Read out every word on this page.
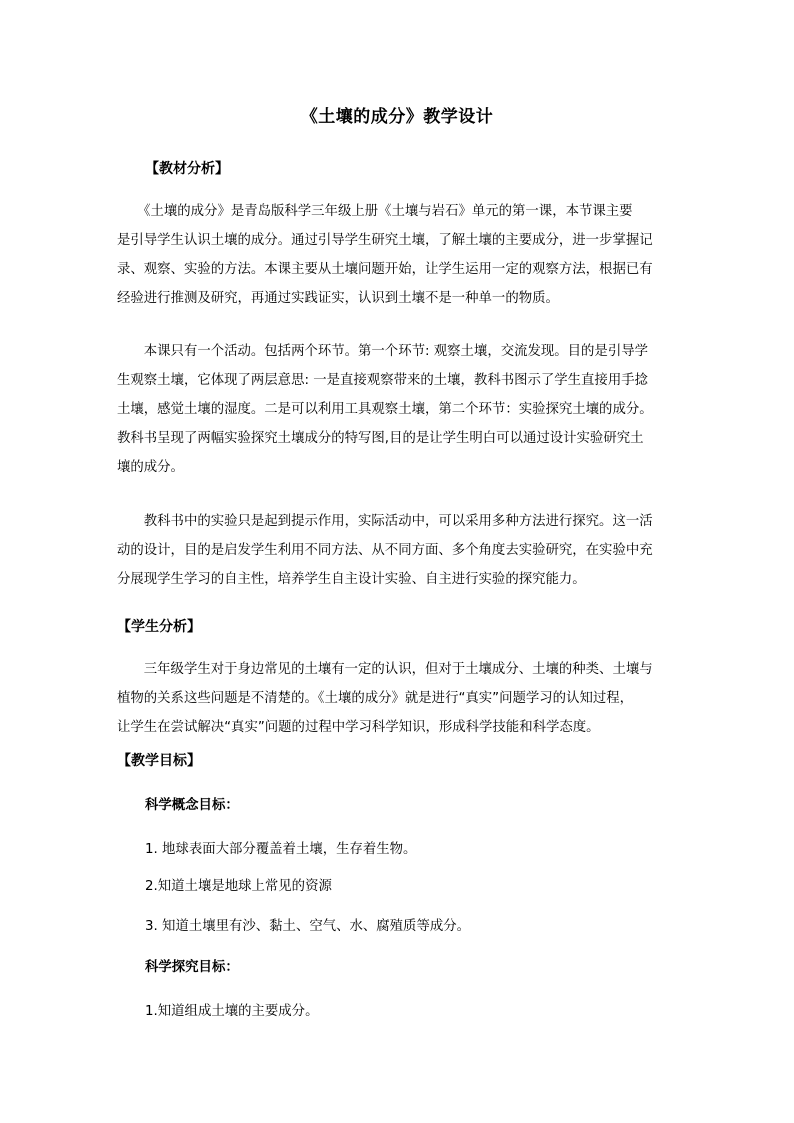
《土壤的成分》教学设计
【教材分析】
　　《土壤的成分》是青岛版科学三年级上册《土壤与岩石》单元的第一课，本节课主要
是引导学生认识土壤的成分。通过引导学生研究土壤，了解土壤的主要成分，进一步掌握记
录、观察、实验的方法。本课主要从土壤问题开始，让学生运用一定的观察方法，根据已有
经验进行推测及研究，再通过实践证实，认识到土壤不是一种单一的物质。
　　本课只有一个活动。包括两个环节。第一个环节: 观察土壤，交流发现。目的是引导学
生观察土壤，它体现了两层意思: 一是直接观察带来的土壤，教科书图示了学生直接用手捻
土壤，感觉土壤的湿度。二是可以利用工具观察土壤，第二个环节：实验探究土壤的成分。
教科书呈现了两幅实验探究土壤成分的特写图,目的是让学生明白可以通过设计实验研究土
壤的成分。
　　教科书中的实验只是起到提示作用，实际活动中，可以采用多种方法进行探究。这一活
动的设计，目的是启发学生利用不同方法、从不同方面、多个角度去实验研究，在实验中充
分展现学生学习的自主性，培养学生自主设计实验、自主进行实验的探究能力。
【学生分析】
　　三年级学生对于身边常见的土壤有一定的认识，但对于土壤成分、土壤的种类、土壤与
植物的关系这些问题是不清楚的。《土壤的成分》就是进行“真实”问题学习的认知过程，
让学生在尝试解决“真实”问题的过程中学习科学知识，形成科学技能和科学态度。
【教学目标】
科学概念目标：
1. 地球表面大部分覆盖着土壤，生存着生物。
2.知道土壤是地球上常见的资源
3. 知道土壤里有沙、黏土、空气、水、腐殖质等成分。
科学探究目标：
1.知道组成土壤的主要成分。
